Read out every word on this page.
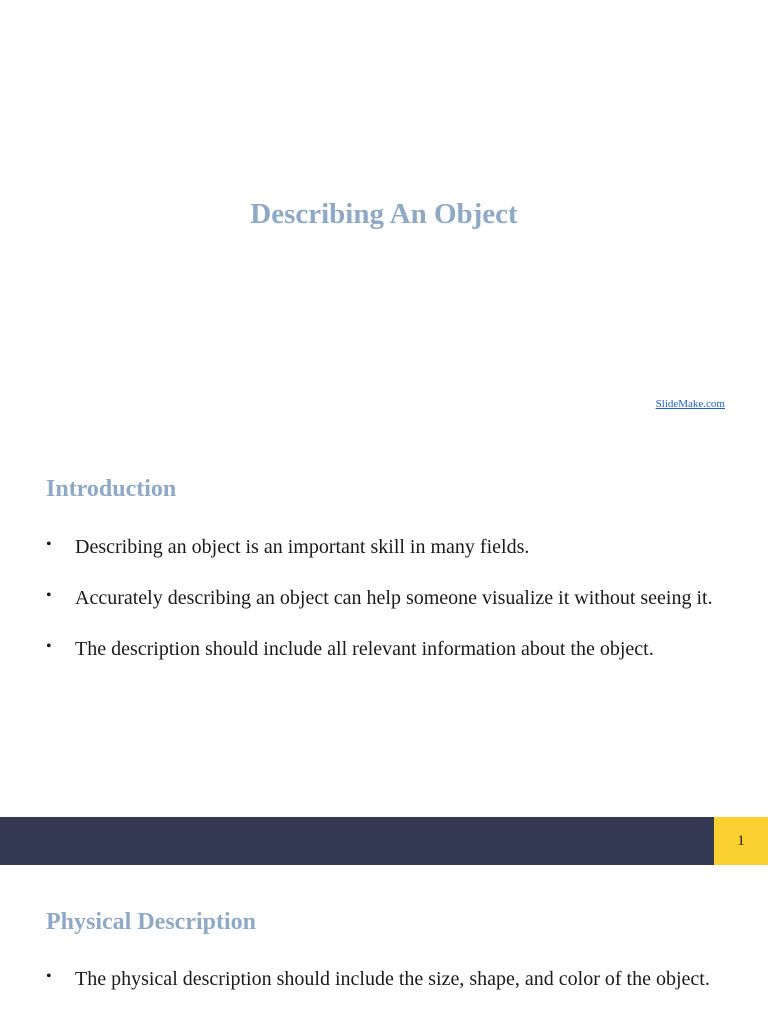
Describing An Object
SlideMake.com
Introduction
• Describing an object is an important skill in many fields.
• Accurately describing an object can help someone visualize it without seeing it.
• The description should include all relevant information about the object.
1
Physical Description
• The physical description should include the size, shape, and color of the object.
